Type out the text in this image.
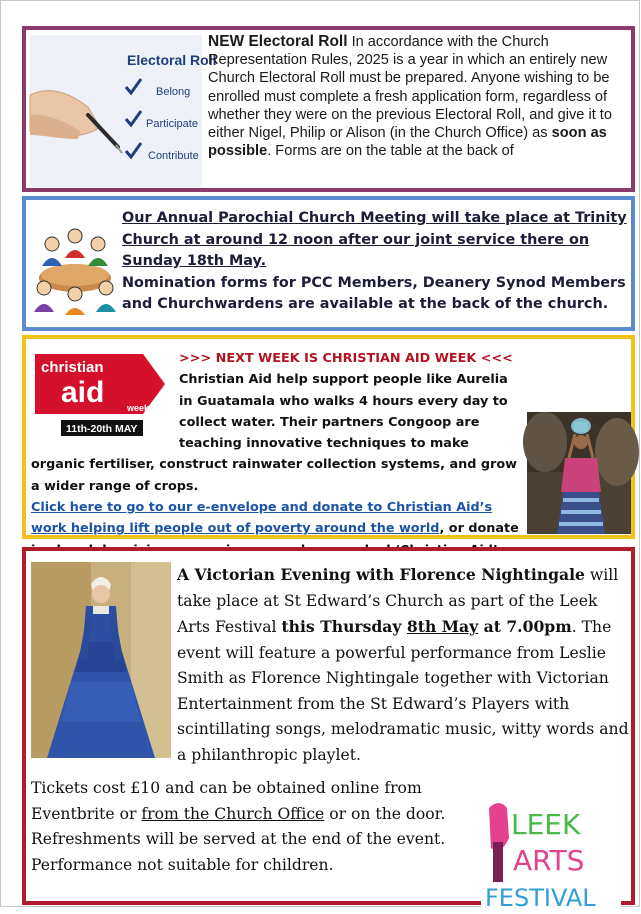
Electoral Roll
Belong
Participate
Contribute
NEW Electoral Roll In accordance with the Church Representation Rules, 2025 is a year in which an entirely new Church Electoral Roll must be prepared. Anyone wishing to be enrolled must complete a fresh application form, regardless of whether they were on the previous Electoral Roll, and give it to either Nigel, Philip or Alison (in the Church Office) as soon as possible. Forms are on the table at the back of
Our Annual Parochial Church Meeting will take place at Trinity Church at around 12 noon after our joint service there on Sunday 18th May.
Nomination forms for PCC Members, Deanery Synod Members and Churchwardens are available at the back of the church.
christian
aid	week
11th-20th MAY
>>> NEXT WEEK IS CHRISTIAN AID WEEK <<<
Christian Aid help support people like Aurelia in Guatamala who walks 4 hours every day to collect water. Their partners Congoop are teaching innovative techniques to make organic fertiliser, construct rainwater collection systems, and grow a wider range of crops.
Click here to go to our e-envelope and donate to Christian Aid’s work helping lift people out of poverty around the world, or donate
A Victorian Evening with Florence Nightingale will take place at St Edward’s Church as part of the Leek Arts Festival this Thursday 8th May at 7.00pm. The event will feature a powerful performance from Leslie Smith as Florence Nightingale together with Victorian Entertainment from the St Edward’s Players with scintillating songs, melodramatic music, witty words and a philanthropic playlet.
LEEK
ARTS
FESTIVAL
Tickets cost £10 and can be obtained online from Eventbrite or from the Church Office or on the door. Refreshments will be served at the end of the event. Performance not suitable for children.
